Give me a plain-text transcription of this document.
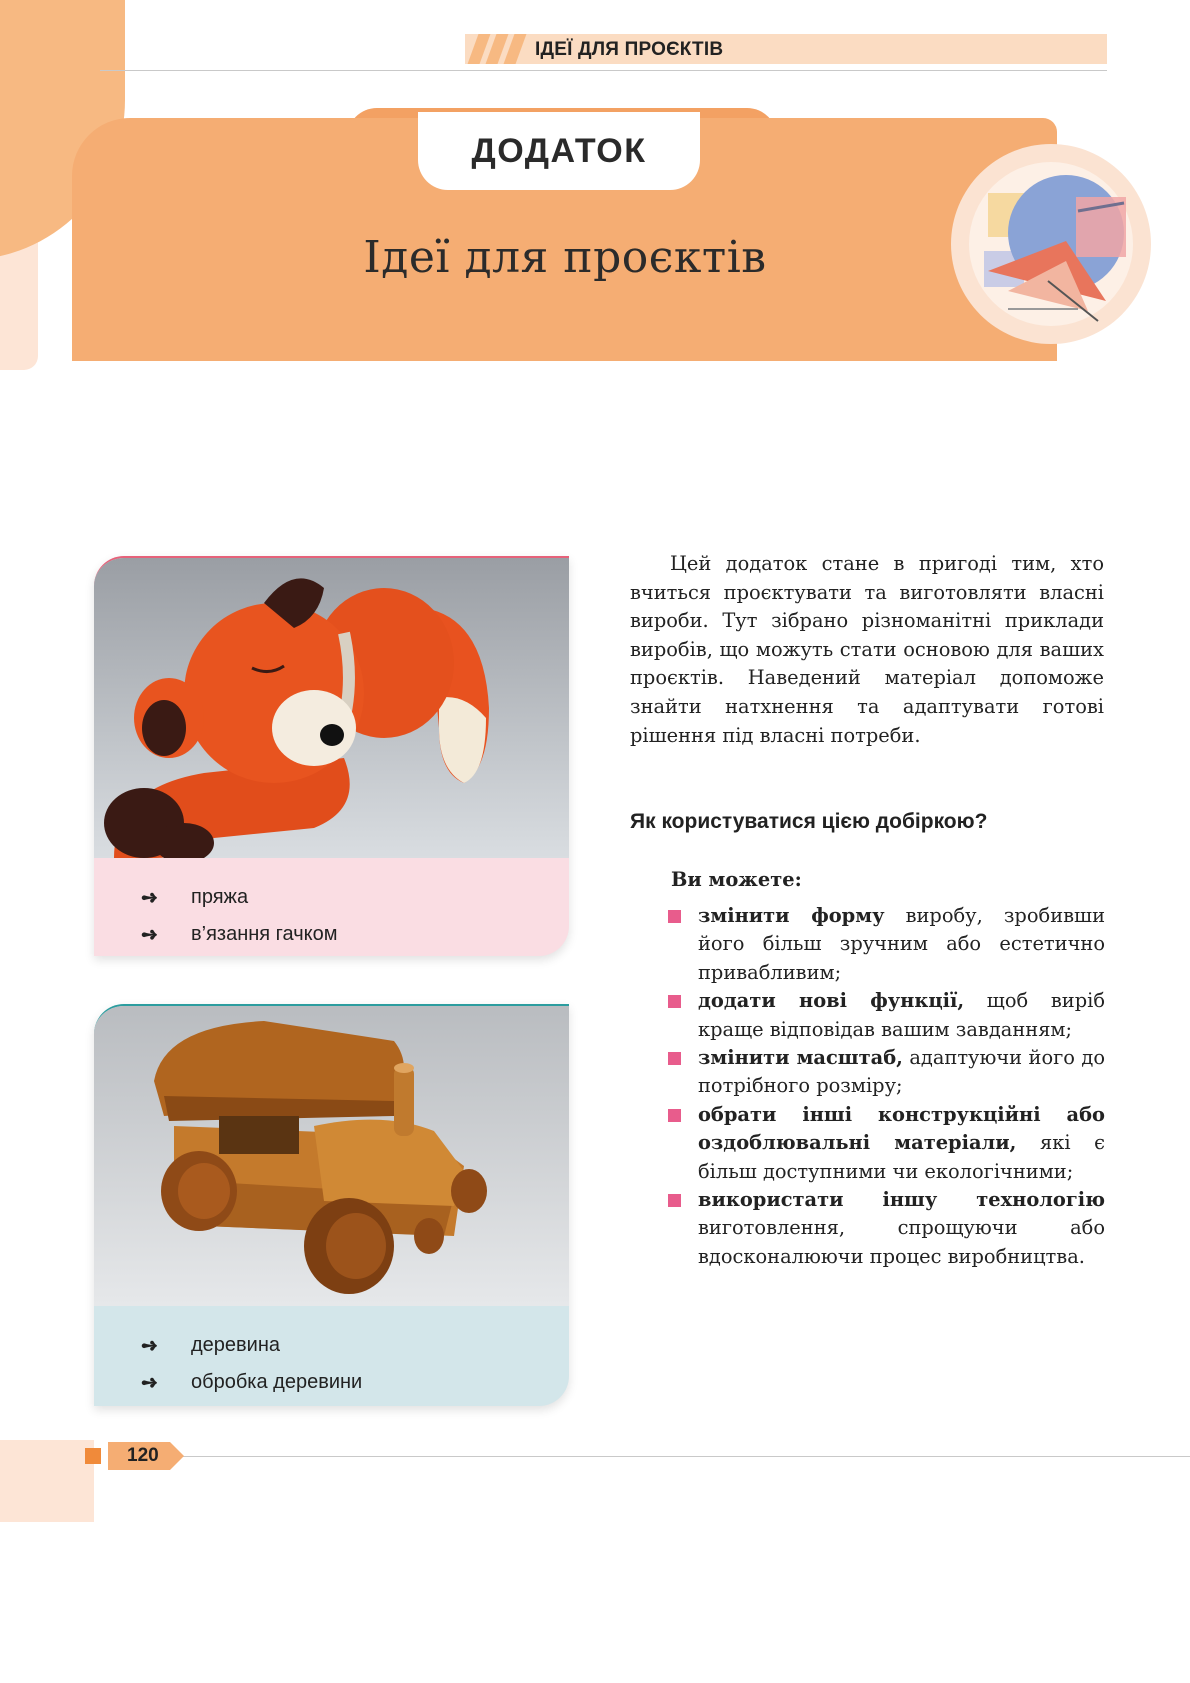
ІДЕЇ ДЛЯ ПРОЄКТІВ
ДОДАТОК
Ідеї для проєктів
➺	пряжа
➺	в’язання гачком
➺	деревина
➺	обробка деревини

Цей додаток стане в пригоді тим, хто вчиться проєктувати та виготовляти власні вироби. Тут зібрано різноманітні приклади виробів, що можуть стати основою для ваших проєктів. Наведений матеріал допоможе знайти натхнення та адаптувати готові рішення під власні потреби.

Як користуватися цією добіркою?
Ви можете:
змінити форму виробу, зробивши його більш зручним або естетично привабливим;
додати нові функції, щоб виріб краще відповідав вашим завданням;
змінити масштаб, адаптуючи його до потрібного розміру;
обрати інші конструкційні або оздоблювальні матеріали, які є більш доступними чи екологічними;
використати іншу технологію виготовлення, спрощуючи або вдосконалюючи процес виробництва.
120
